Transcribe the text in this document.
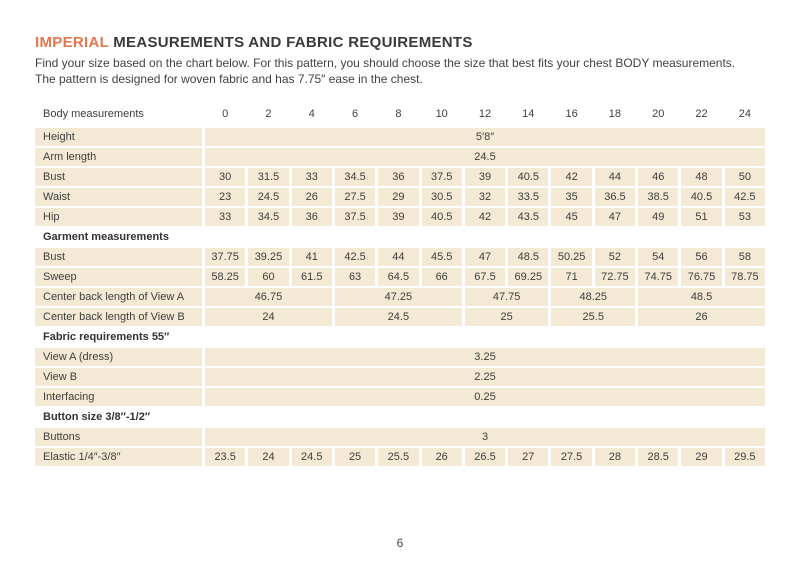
IMPERIAL MEASUREMENTS AND FABRIC REQUIREMENTS
Find your size based on the chart below. For this pattern, you should choose the size that best fits your chest BODY measurements.
The pattern is designed for woven fabric and has 7.75″ ease in the chest.
Body measurements	0	2	4	6	8	10	12	14	16	18	20	22	24
Height	5′8″
Arm length	24.5
Bust	30	31.5	33	34.5	36	37.5	39	40.5	42	44	46	48	50
Waist	23	24.5	26	27.5	29	30.5	32	33.5	35	36.5	38.5	40.5	42.5
Hip	33	34.5	36	37.5	39	40.5	42	43.5	45	47	49	51	53
Garment measurements
Bust	37.75	39.25	41	42.5	44	45.5	47	48.5	50.25	52	54	56	58
Sweep	58.25	60	61.5	63	64.5	66	67.5	69.25	71	72.75	74.75	76.75	78.75
Center back length of View A	46.75	47.25	47.75	48.25	48.5
Center back length of View B	24	24.5	25	25.5	26
Fabric requirements 55″
View A (dress)	3.25
View B	2.25
Interfacing	0.25
Button size 3/8″-1/2″
Buttons	3
Elastic 1/4″-3/8″	23.5	24	24.5	25	25.5	26	26.5	27	27.5	28	28.5	29	29.5
6
